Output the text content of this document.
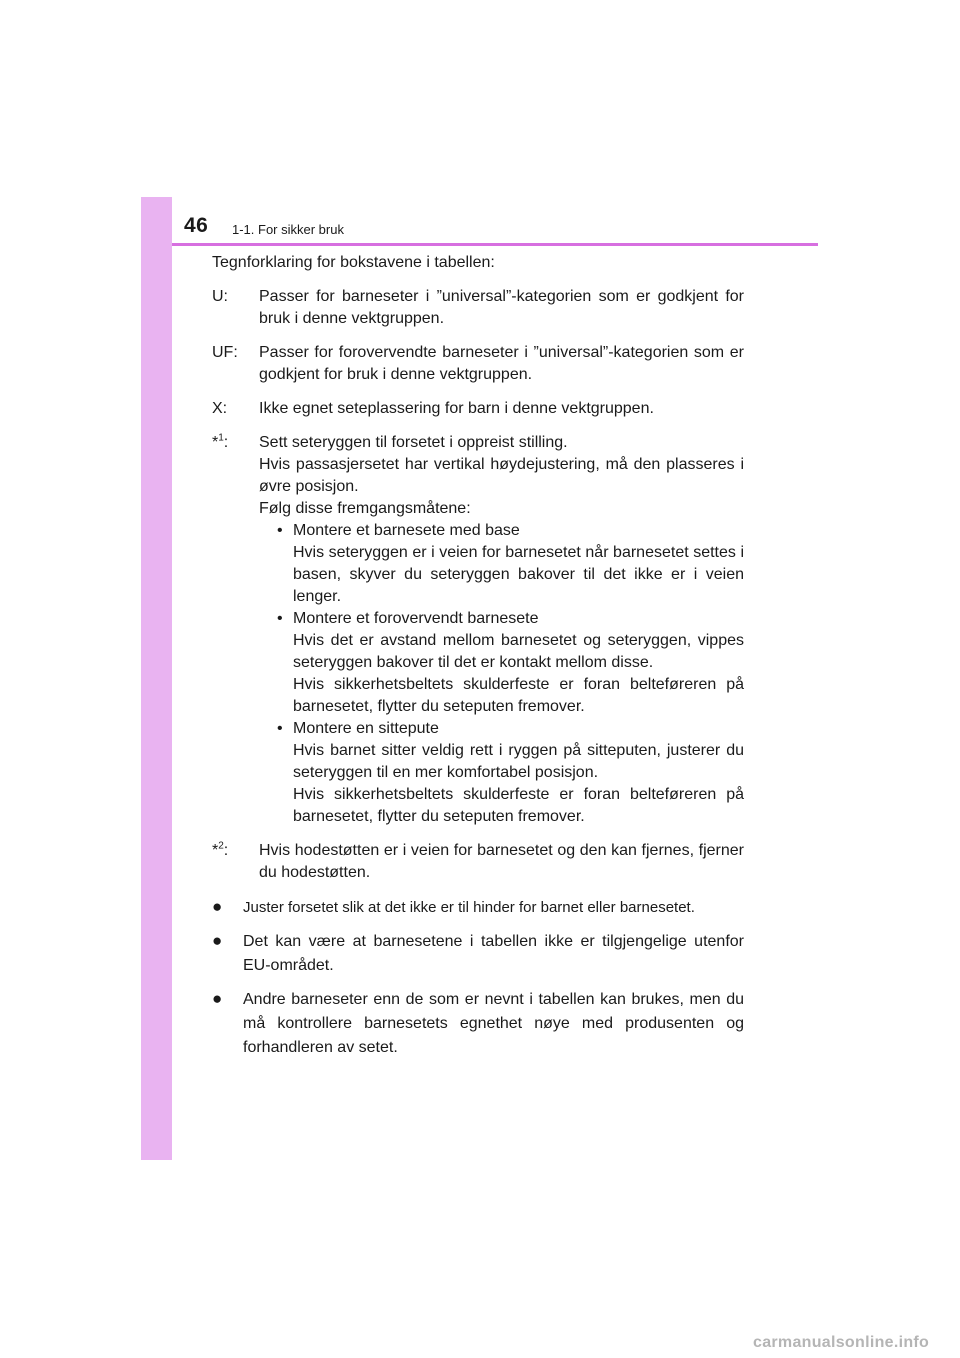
46 1-1. For sikker bruk

Tegnforklaring for bokstavene i tabellen:

U:	Passer for barneseter i ”universal”-kategorien som er godkjent for bruk i denne vektgruppen.
UF:	Passer for forovervendte barneseter i ”universal”-kategorien som er godkjent for bruk i denne vektgruppen.
X:	Ikke egnet seteplassering for barn i denne vektgruppen.
*$^1$:	Sett seteryggen til forsetet i oppreist stilling.
Hvis passasjersetet har vertikal høydejustering, må den plasseres i øvre posisjon.
Følg disse fremgangsmåtene:
• Montere et barnesete med base
Hvis seteryggen er i veien for barnesetet når barnesetet settes i basen, skyver du seteryggen bakover til det ikke er i veien lenger.
• Montere et forovervendt barnesete
Hvis det er avstand mellom barnesetet og seteryggen, vippes seteryggen bakover til det er kontakt mellom disse.
Hvis sikkerhetsbeltets skulderfeste er foran belteføreren på barnesetet, flytter du seteputen fremover.
• Montere en sittepute
Hvis barnet sitter veldig rett i ryggen på sitteputen, justerer du seteryggen til en mer komfortabel posisjon.
Hvis sikkerhetsbeltets skulderfeste er foran belteføreren på barnesetet, flytter du seteputen fremover.
*$^2$:	Hvis hodestøtten er i veien for barnesetet og den kan fjernes, fjerner du hodestøtten.
●	Juster forsetet slik at det ikke er til hinder for barnet eller barnesetet.
●	Det kan være at barnesetene i tabellen ikke er tilgjengelige utenfor EU-området.
●	Andre barneseter enn de som er nevnt i tabellen kan brukes, men du må kontrollere barnesetets egnethet nøye med produsenten og forhandleren av setet.
carmanualsonline.info
